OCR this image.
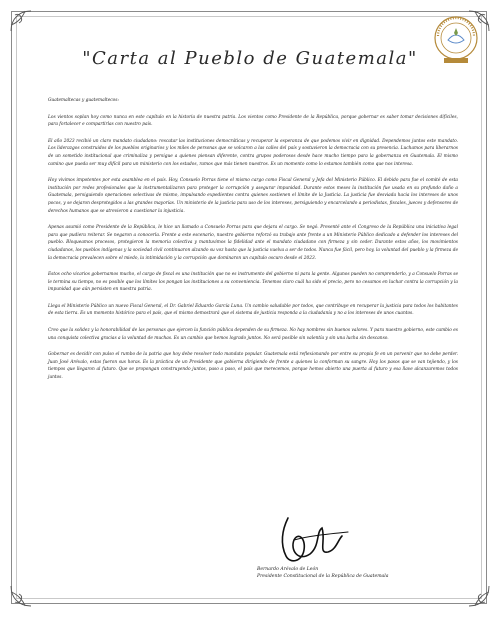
"Carta al Pueblo de Guatemala"

Guatemaltecas y guatemaltecos:

Los vientos soplan hoy como nunca en este capítulo en la historia de nuestra patria. Los vientos como Presidente de la República, porque gobernar es saber tomar decisiones difíciles, para fortalecer e compartirlas con nuestro país.

El año 2023 recibió un claro mandato ciudadano: rescatar las instituciones democráticas y recuperar la esperanza de que podemos vivir en dignidad. Dependemos juntos este mandato. Los liderazgos construidos de los pueblos originarios y los miles de personas que se volcaron a las calles del país y sostuvieron la democracia con su presencia. Luchamos para liberarnos de un sometido institucional que criminaliza y persigue a quienes piensan diferente, contra grupos poderosos desde hace mucho tiempo para la gobernanza en Guatemala. El mismo camino que pueda ser muy difícil para un ministerio con los estados, ramos que más tienen nuestros. Es un momento como lo estamos también como que nos interesa.

Hoy vivimos impotentes por esta asamblea en el país. Hoy, Consuelo Porras tiene el mismo cargo como Fiscal General y Jefa del Ministerio Público. El debido para fue el comité de esta institución por redes profesionales que la instrumentalizaron para proteger la corrupción y asegurar impunidad. Durante estos meses la institución fue usada en su profundo daño a Guatemala, persiguiendo operaciones selectivas de mismo, impulsando expedientes contra quienes sostienen el límite de la Justicia. La justicia fue desviada hacia los intereses de unos pocos, y se dejaron desprotegidos a las grandes mayorías. Un ministerio de la justicia para uso de los intereses, persiguiendo y encarcelando a periodistas, fiscales, jueces y defensores de derechos humanos que se atrevieron a cuestionar la injusticia.

Apenas asumió como Presidente de la República, le hice un llamado a Consuelo Porras para que dejara el cargo. Se negó. Presenté ante el Congreso de la República una iniciativa legal para que pudiera reiterar. Se negaron a conocerla. Frente a este escenario, nuestro gobierno reforzó su trabajo ante frente a un Ministerio Público dedicado a defender los intereses del pueblo. Bloqueamos procesos, protegieron la memoria colectiva y mantuvimos la fidelidad ante el mandato ciudadano con firmeza y sin ceder. Durante estos años, los movimientos ciudadanos, los pueblos indígenas y la sociedad civil continuaron alzando su voz hasta que la justicia vuelva a ser de todos. Nunca fue fácil, pero hoy, la voluntad del pueblo y la firmeza de la democracia prevalecen sobre el miedo, la intimidación y la corrupción que dominaron un capítulo oscuro desde el 2023.

Estos ocho vicarios gobernamos mucho, el cargo de fiscal es una institución que no es instrumento del gobierno ni para la gente. Algunos pueden no comprenderlo, y a Consuelo Porras se le termina su tiempo, no es posible que los límites los pongan las instituciones a su conveniencia. Tenemos claro cuál ha sido el precio, pero no cesamos en luchar contra la corrupción y la impunidad que aún persisten en nuestra patria.

Llega el Ministerio Público un nuevo Fiscal General, el Dr. Gabriel Eduardo García Luna. Un cambio saludable por todos, que contribuye en recuperar la justicia para todos los habitantes de esta tierra. Es un momento histórico para el país, que el mismo demostrará que el sistema de justicia responda a la ciudadanía y no a los intereses de unos cuantos.

Creo que la solidez y la honorabilidad de las personas que ejercen la función pública dependen de su firmeza. No hay nombres sin buenos valores. Y para nuestro gobierno, este cambio es una conquista colectiva gracias a la voluntad de muchas. Es un cambio que hemos logrado juntos. No será posible sin valentía y sin una lucha sin descanso.

Gobernar es decidir con pulso el rumbo de la patria que hoy debe resolver todo mandato popular. Guatemala está reflexionando por entre su propia fe en un porvenir que no debe perder. Juan José Arévalo, estas fueron sus horas. Es la práctica de un Presidente que gobierna dirigiendo de frente a quienes la conforman su sangre. Hoy los pasos que se van tejiendo, y los tiempos que llegaron al futuro. Que se propongan construyendo juntos, paso a paso, el país que merecemos, porque hemos abierto una puerta al futuro y esa llave alcanzaremos todos juntos.

Bernardo Arévalo de León
Presidente Constitucional de la República de Guatemala
